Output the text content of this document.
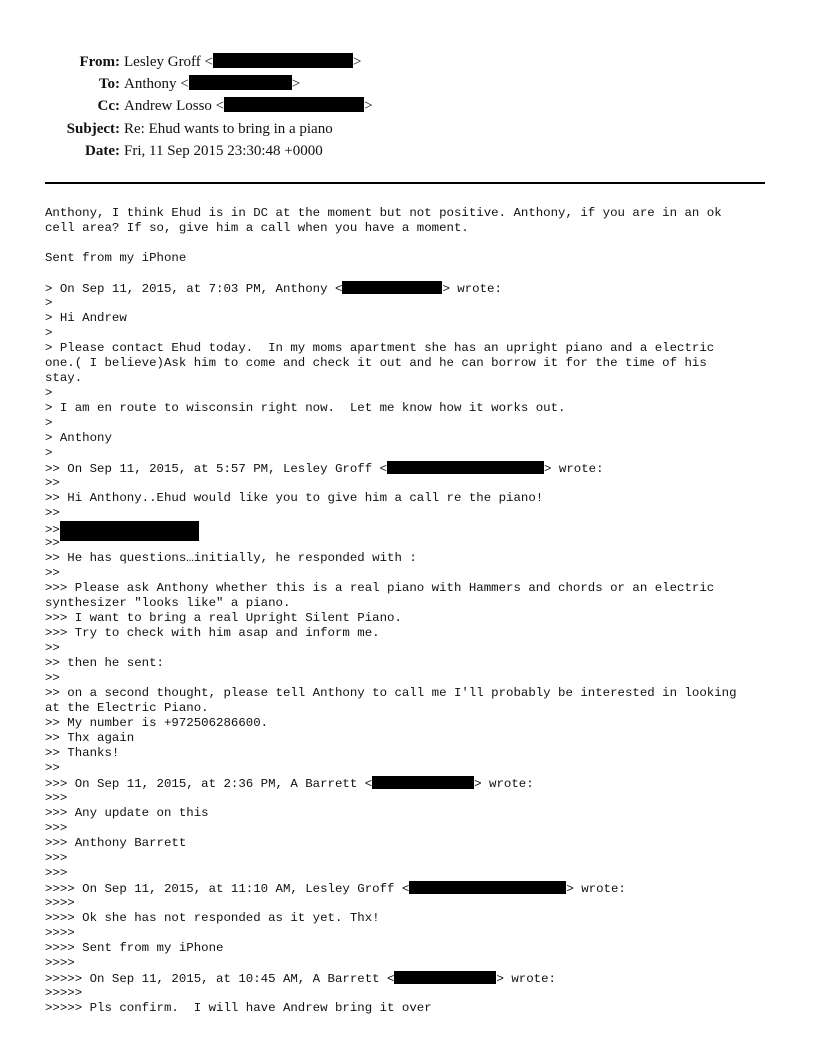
From: Lesley Groff <	>
To: Anthony <	>
Cc: Andrew Losso <	>
Subject: Re: Ehud wants to bring in a piano
Date: Fri, 11 Sep 2015 23:30:48 +0000
Anthony, I think Ehud is in DC at the moment but not positive. Anthony, if you are in an ok
cell area? If so, give him a call when you have a moment.
Sent from my iPhone
> On Sep 11, 2015, at 7:03 PM, Anthony <	> wrote:
>
> Hi Andrew
>
> Please contact Ehud today.  In my moms apartment she has an upright piano and a electric
one.( I believe)Ask him to come and check it out and he can borrow it for the time of his
stay.
>
> I am en route to wisconsin right now.  Let me know how it works out.
>
> Anthony
>
>> On Sep 11, 2015, at 5:57 PM, Lesley Groff <	> wrote:
>>
>> Hi Anthony..Ehud would like you to give him a call re the piano!
>>
>>
>>
>> He has questions…initially, he responded with :
>>
>>> Please ask Anthony whether this is a real piano with Hammers and chords or an electric
synthesizer "looks like" a piano.
>>> I want to bring a real Upright Silent Piano.
>>> Try to check with him asap and inform me.
>>
>> then he sent:
>>
>> on a second thought, please tell Anthony to call me I'll probably be interested in looking
at the Electric Piano.
>> My number is +972506286600.
>> Thx again
>> Thanks!
>>
>>> On Sep 11, 2015, at 2:36 PM, A Barrett <	> wrote:
>>>
>>> Any update on this
>>>
>>> Anthony Barrett
>>>
>>>
>>>> On Sep 11, 2015, at 11:10 AM, Lesley Groff <	> wrote:
>>>>
>>>> Ok she has not responded as it yet. Thx!
>>>>
>>>> Sent from my iPhone
>>>>
>>>>> On Sep 11, 2015, at 10:45 AM, A Barrett <	> wrote:
>>>>>
>>>>> Pls confirm.  I will have Andrew bring it over
